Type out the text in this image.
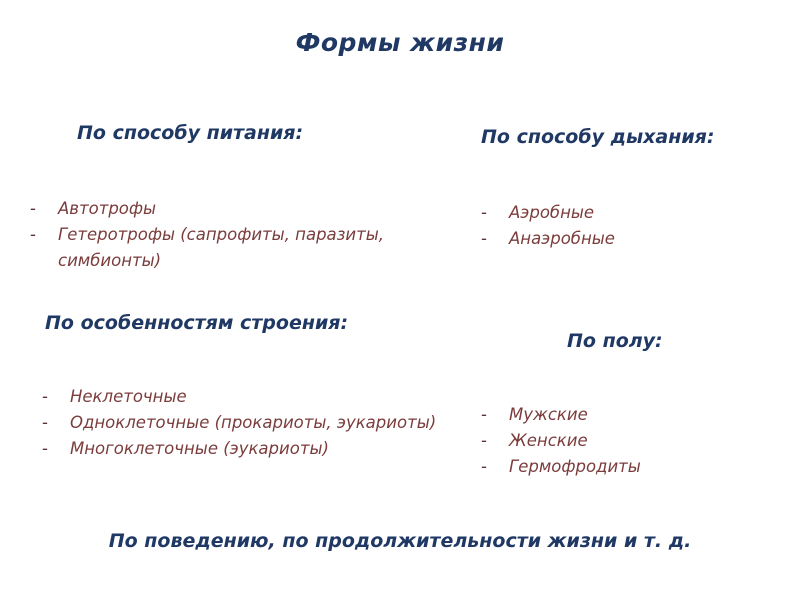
Формы жизни
По способу питания:
- Автотрофы
- Гетеротрофы (сапрофиты, паразиты, симбионты)
По способу дыхания:
- Аэробные
- Анаэробные
По особенностям строения:
- Неклеточные
- Одноклеточные (прокариоты, эукариоты)
- Многоклеточные (эукариоты)
По полу:
- Мужские
- Женские
- Гермофродиты

По поведению, по продолжительности жизни и т. д.
